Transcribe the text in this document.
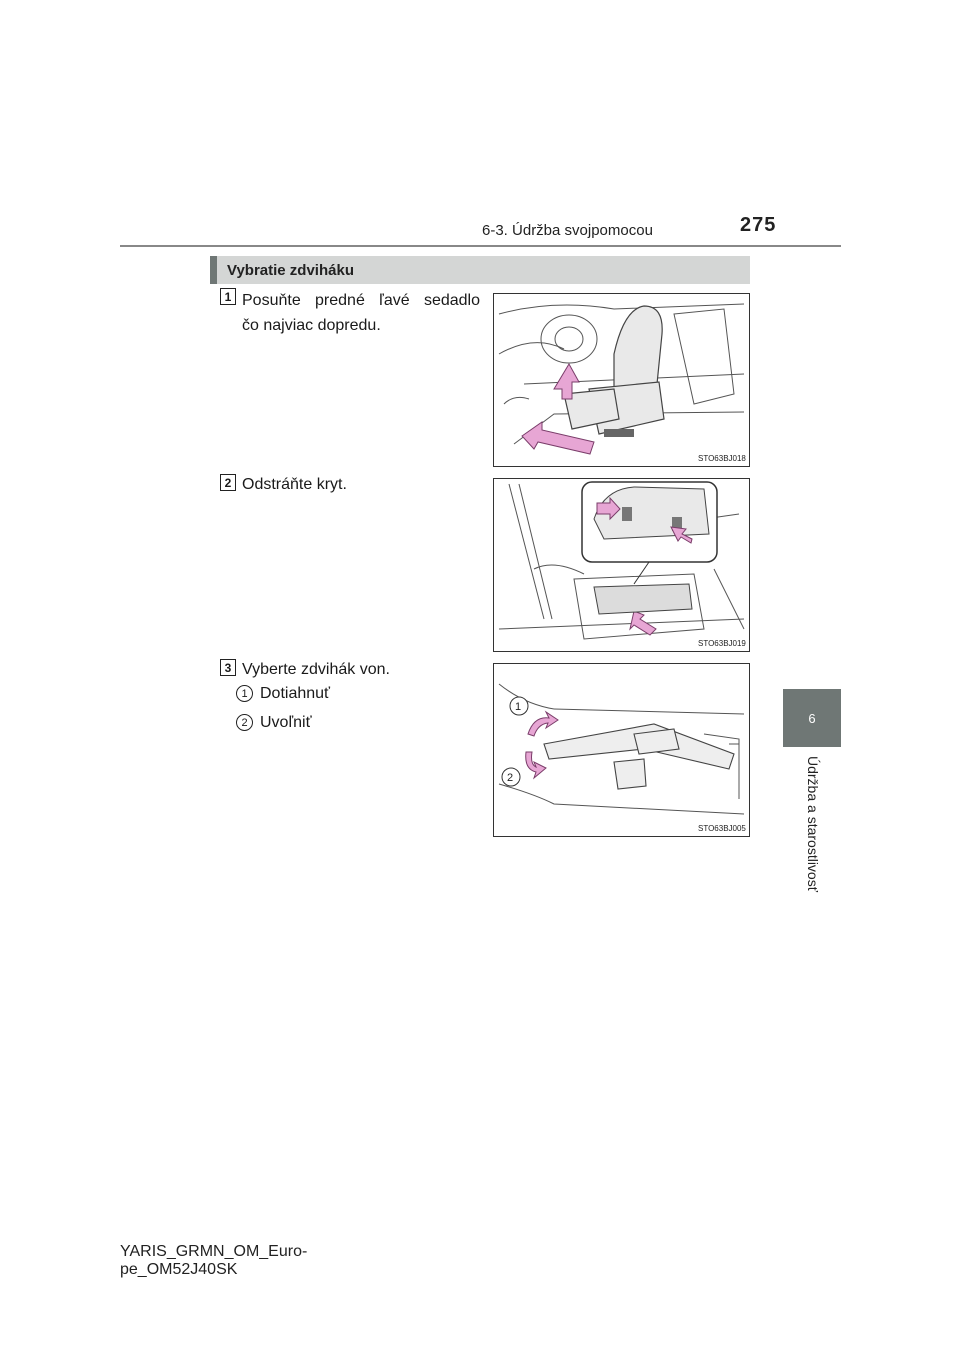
6-3. Údržba svojpomocou	275
6
Údržba a starostlivosť
Vybratie zdviháku
1 Posuňte predné ľavé sedadlo
čo najviac dopredu.
STO63BJ018
2 Odstráňte kryt.
STO63BJ019
3 Vyberte zdvihák von.
1 Dotiahnuť
2 Uvoľniť
1
2
STO63BJ005
YARIS_GRMN_OM_Euro-
pe_OM52J40SK
